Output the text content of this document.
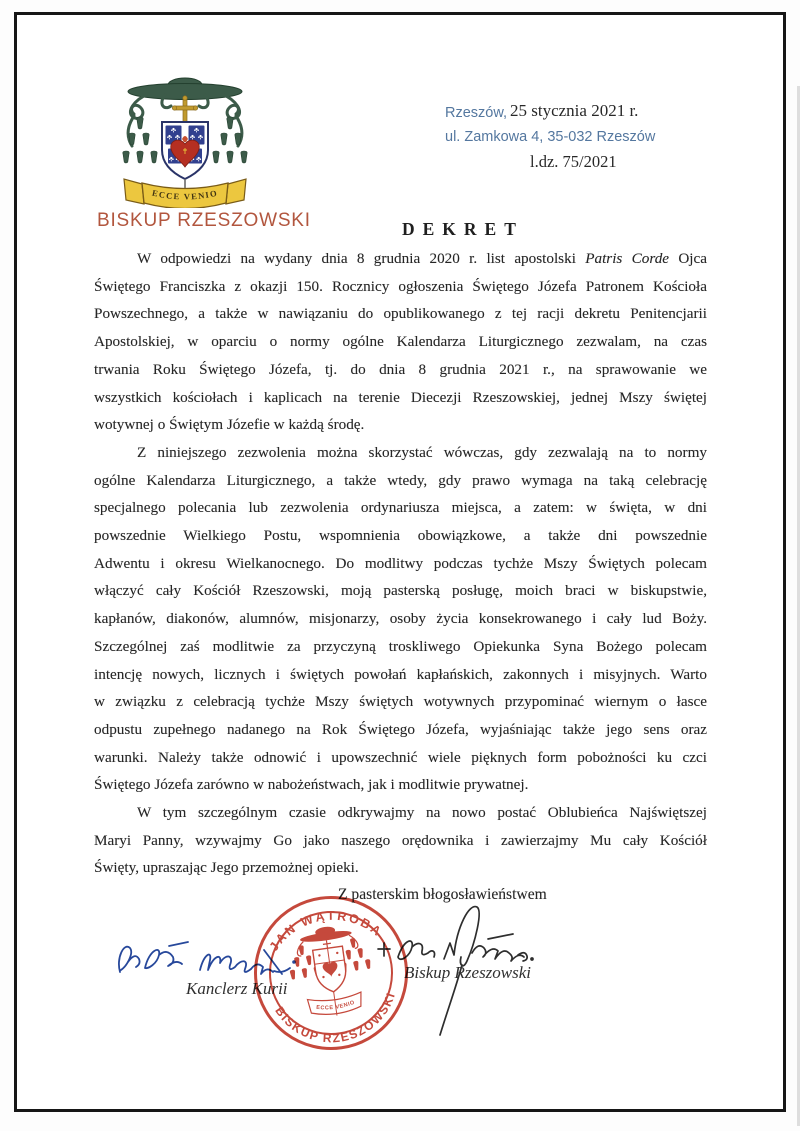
ECCE VENIO
BISKUP RZESZOWSKI
Rzeszów, 25 stycznia 2021 r.
ul. Zamkowa 4, 35-032 Rzeszów
l.dz. 75/2021
DEKRET
W odpowiedzi na wydany dnia 8 grudnia 2020 r. list apostolski Patris Corde Ojca
Świętego Franciszka z okazji 150. Rocznicy ogłoszenia Świętego Józefa Patronem Kościoła
Powszechnego, a także w nawiązaniu do opublikowanego z tej racji dekretu Penitencjarii
Apostolskiej, w oparciu o normy ogólne Kalendarza Liturgicznego zezwalam, na czas
trwania Roku Świętego Józefa, tj. do dnia 8 grudnia 2021 r., na sprawowanie we
wszystkich kościołach i kaplicach na terenie Diecezji Rzeszowskiej, jednej Mszy świętej
wotywnej o Świętym Józefie w każdą środę.
Z niniejszego zezwolenia można skorzystać wówczas, gdy zezwalają na to normy
ogólne Kalendarza Liturgicznego, a także wtedy, gdy prawo wymaga na taką celebrację
specjalnego polecania lub zezwolenia ordynariusza miejsca, a zatem: w święta, w dni
powszednie Wielkiego Postu, wspomnienia obowiązkowe, a także dni powszednie
Adwentu i okresu Wielkanocnego. Do modlitwy podczas tychże Mszy Świętych polecam
włączyć cały Kościół Rzeszowski, moją pasterską posługę, moich braci w biskupstwie,
kapłanów, diakonów, alumnów, misjonarzy, osoby życia konsekrowanego i cały lud Boży.
Szczególnej zaś modlitwie za przyczyną troskliwego Opiekunka Syna Bożego polecam
intencję nowych, licznych i świętych powołań kapłańskich, zakonnych i misyjnych. Warto
w związku z celebracją tychże Mszy świętych wotywnych przypominać wiernym o łasce
odpustu zupełnego nadanego na Rok Świętego Józefa, wyjaśniając także jego sens oraz
warunki. Należy także odnowić i upowszechnić wiele pięknych form pobożności ku czci
Świętego Józefa zarówno w nabożeństwach, jak i modlitwie prywatnej.
W tym szczególnym czasie odkrywajmy na nowo postać Oblubieńca Najświętszej
Maryi Panny, wzywajmy Go jako naszego orędownika i zawierzajmy Mu cały Kościół
Święty, upraszając Jego przemożnej opieki.
Z pasterskim błogosławieństwem
Kanclerz Kurii
Biskup Rzeszowski
JAN WĄTROBA
BISKUP RZESZOWSKI
ECCE VENIO
